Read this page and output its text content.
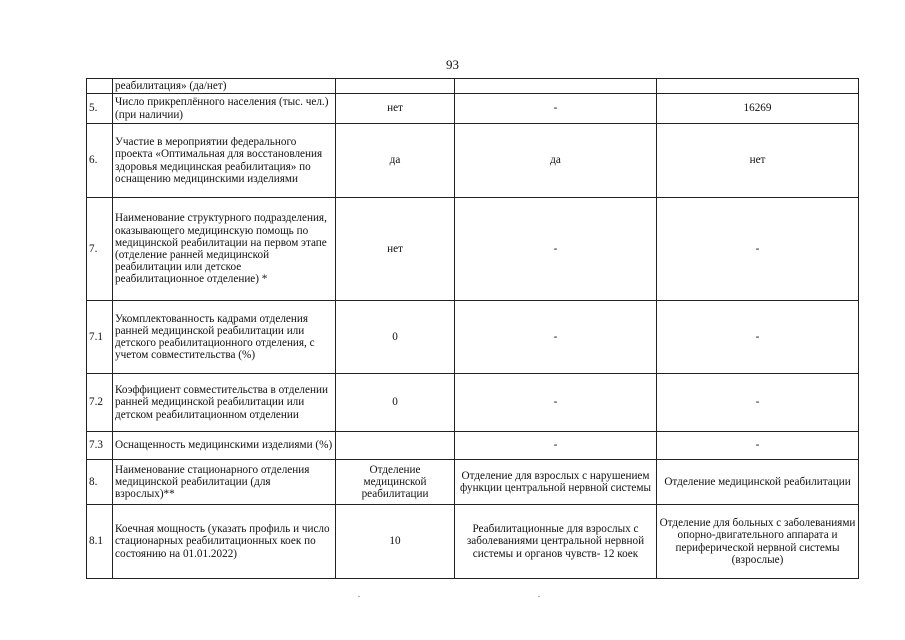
93
	реабилитация» (да/нет)			
5.	Число прикреплённого населения (тыс. чел.) (при наличии)	нет	-	16269
6.	Участие в мероприятии федерального проекта «Оптимальная для восстановления здоровья медицинская реабилитация» по оснащению медицинскими изделиями	да	да	нет
7.	Наименование структурного подразделения, оказывающего медицинскую помощь по медицинской реабилитации на первом этапе (отделение ранней медицинской реабилитации или детское реабилитационное отделение) *	нет	-	-
7.1	Укомплектованность кадрами отделения ранней медицинской реабилитации или детского реабилитационного отделения, с учетом совместительства (%)	0	-	-
7.2	Коэффициент совместительства в отделении ранней медицинской реабилитации или детском реабилитационном отделении	0	-	-
7.3	Оснащенность медицинскими изделиями (%)		-	-
8.	Наименование стационарного отделения медицинской реабилитации (для взрослых)**	Отделение медицинской реабилитации	Отделение для взрослых с нарушением функции центральной нервной системы	Отделение медицинской реабилитации
8.1	Коечная мощность (указать профиль и число стационарных реабилитационных коек по состоянию на 01.01.2022)	10	Реабилитационные для взрослых с заболеваниями центральной нервной системы и органов чувств- 12 коек	Отделение для больных с заболеваниями опорно-двигательного аппарата и периферической нервной системы (взрослые)
